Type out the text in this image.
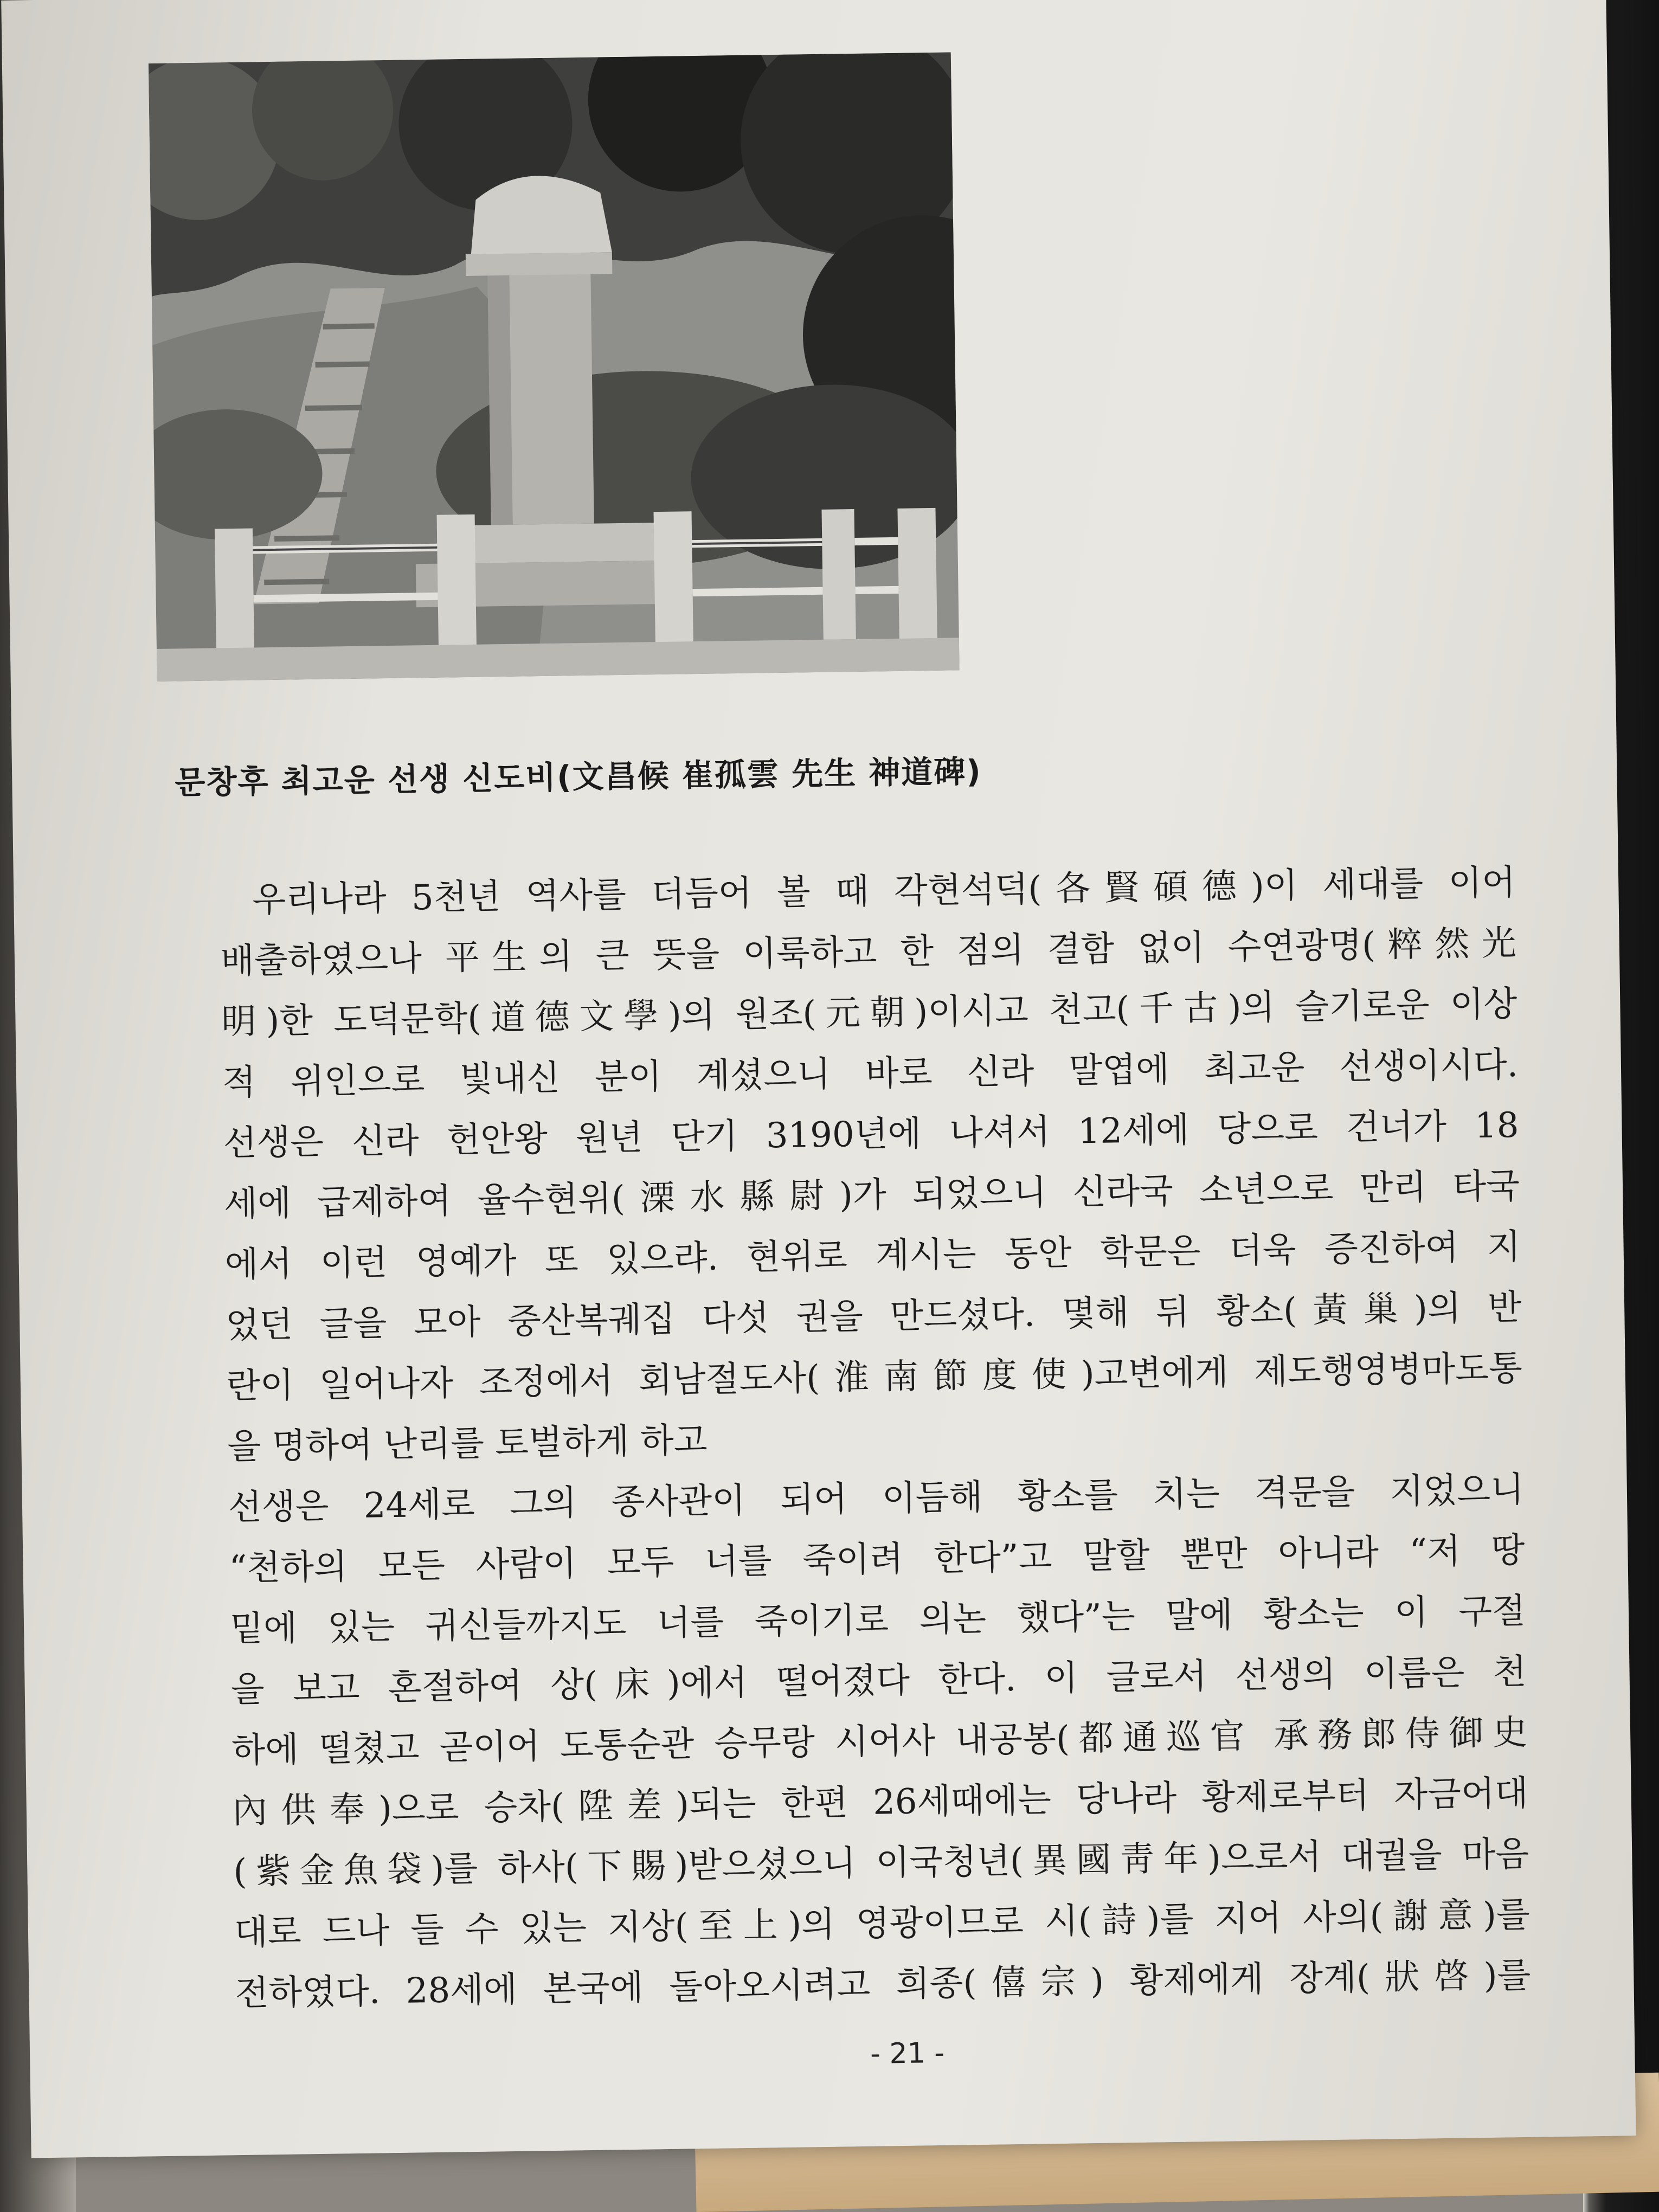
문창후 최고운 선생 신도비(文昌候 崔孤雲 先生 神道碑)
우리나라 5천년 역사를 더듬어 볼 때 각현석덕(各賢碩德)이 세대를 이어
배출하였으나 平生의 큰 뜻을 이룩하고 한 점의 결함 없이 수연광명(粹然光
明)한 도덕문학(道德文學)의 원조(元朝)이시고 천고(千古)의 슬기로운 이상
적 위인으로 빛내신 분이 계셨으니 바로 신라 말엽에 최고운 선생이시다.
선생은 신라 헌안왕 원년 단기 3190년에 나셔서 12세에 당으로 건너가 18
세에 급제하여 율수현위(溧水縣尉)가 되었으니 신라국 소년으로 만리 타국
에서 이런 영예가 또 있으랴. 현위로 계시는 동안 학문은 더욱 증진하여 지
었던 글을 모아 중산복궤집 다섯 권을 만드셨다. 몇해 뒤 황소(黃巢)의 반
란이 일어나자 조정에서 회남절도사(淮南節度使)고변에게 제도행영병마도통
을 명하여 난리를 토벌하게 하고
선생은 24세로 그의 종사관이 되어 이듬해 황소를 치는 격문을 지었으니
“천하의 모든 사람이 모두 너를 죽이려 한다”고 말할 뿐만 아니라 “저 땅
밑에 있는 귀신들까지도 너를 죽이기로 의논 했다”는 말에 황소는 이 구절
을 보고 혼절하여 상(床)에서 떨어졌다 한다. 이 글로서 선생의 이름은 천
하에 떨쳤고 곧이어 도통순관 승무랑 시어사 내공봉(都通巡官 承務郎侍御史
內供奉)으로 승차(陞差)되는 한편 26세때에는 당나라 황제로부터 자금어대
(紫金魚袋)를 하사(下賜)받으셨으니 이국청년(異國靑年)으로서 대궐을 마음
대로 드나 들 수 있는 지상(至上)의 영광이므로 시(詩)를 지어 사의(謝意)를
전하였다. 28세에 본국에 돌아오시려고 희종(僖宗) 황제에게 장계(狀啓)를
- 21 -
